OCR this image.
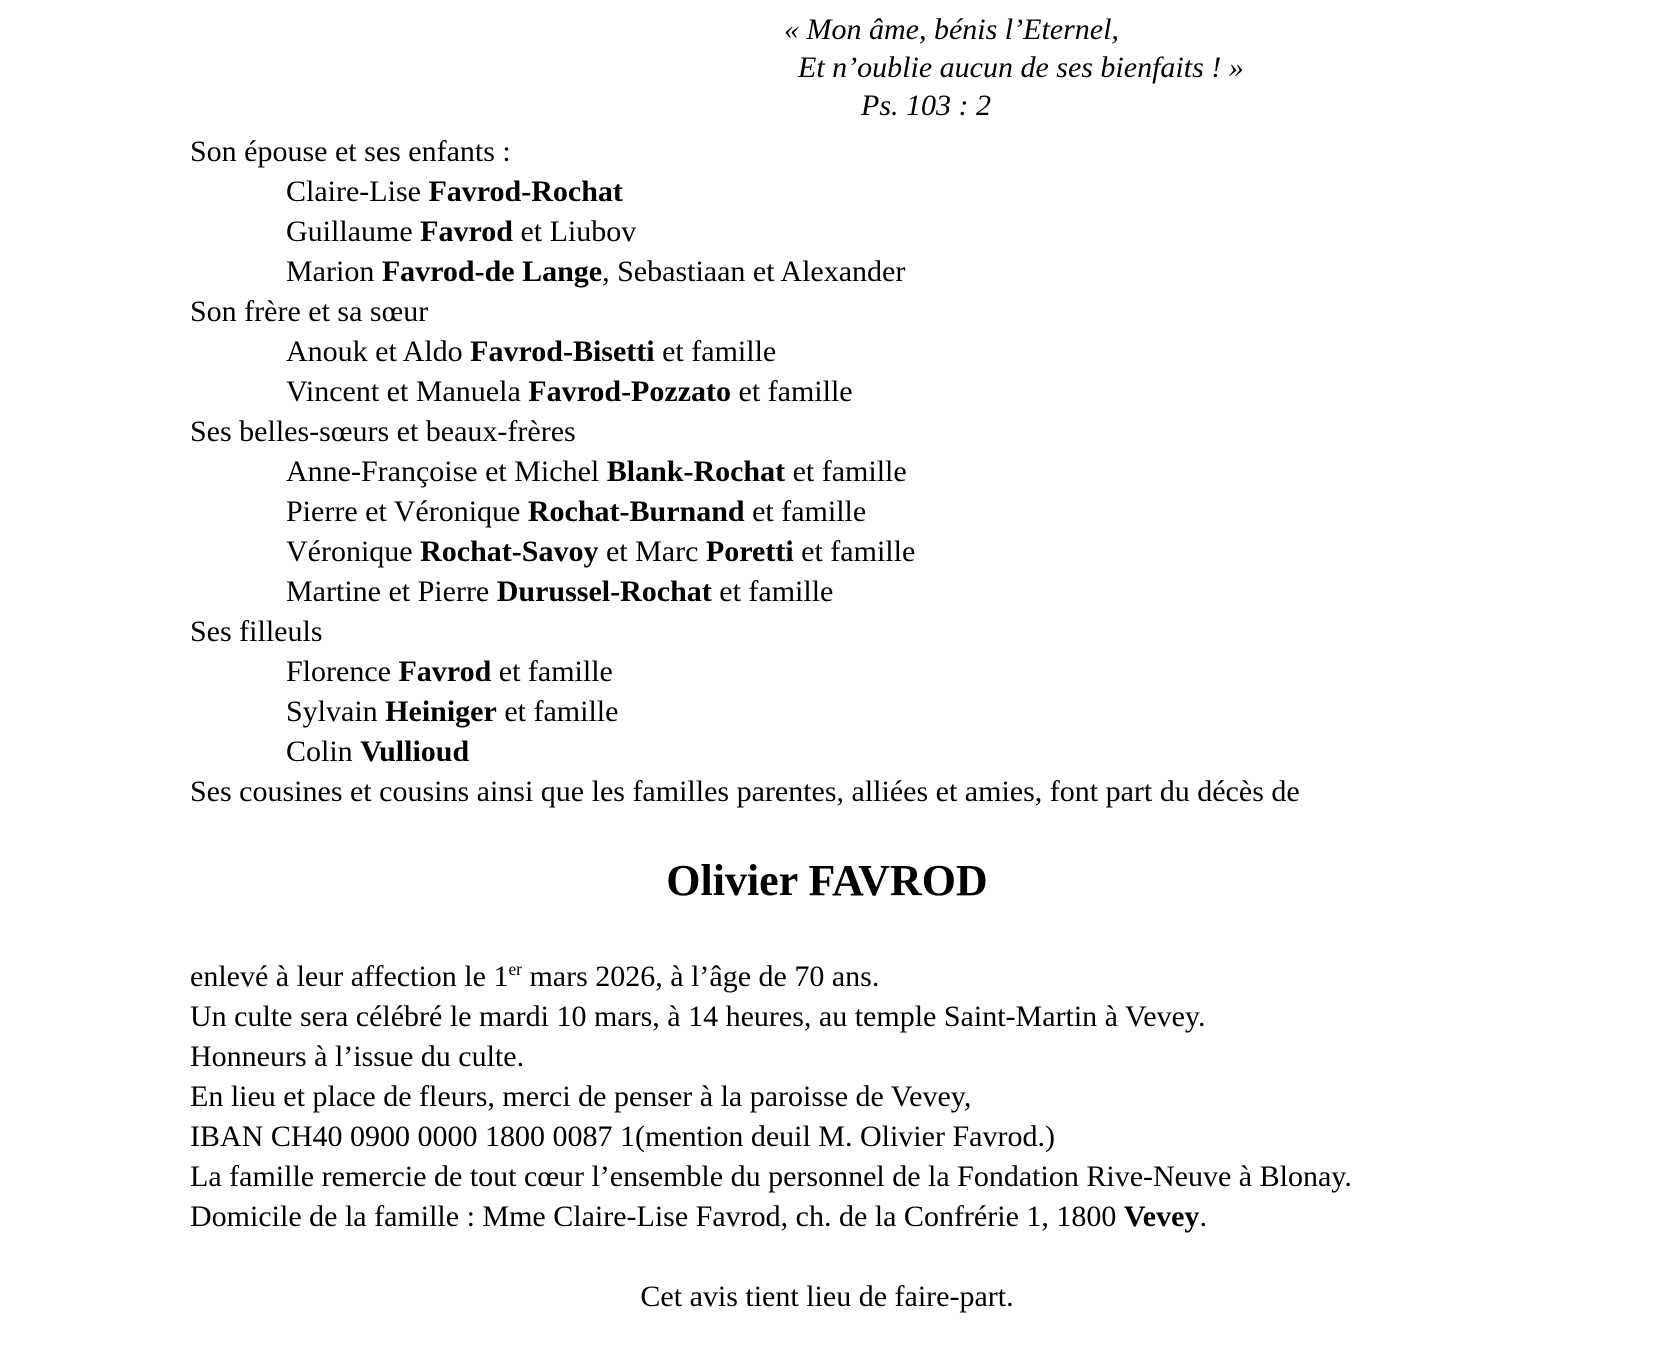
« Mon âme, bénis l’Eternel,
Et n’oublie aucun de ses bienfaits ! »
Ps. 103 : 2
Son épouse et ses enfants :
Claire-Lise Favrod-Rochat
Guillaume Favrod et Liubov
Marion Favrod-de Lange, Sebastiaan et Alexander
Son frère et sa sœur
Anouk et Aldo Favrod-Bisetti et famille
Vincent et Manuela Favrod-Pozzato et famille
Ses belles-sœurs et beaux-frères
Anne-Françoise et Michel Blank-Rochat et famille
Pierre et Véronique Rochat-Burnand et famille
Véronique Rochat-Savoy et Marc Poretti et famille
Martine et Pierre Durussel-Rochat et famille
Ses filleuls
Florence Favrod et famille
Sylvain Heiniger et famille
Colin Vullioud
Ses cousines et cousins ainsi que les familles parentes, alliées et amies, font part du décès de
Olivier FAVROD
enlevé à leur affection le 1er mars 2026, à l’âge de 70 ans.
Un culte sera célébré le mardi 10 mars, à 14 heures, au temple Saint-Martin à Vevey.
Honneurs à l’issue du culte.
En lieu et place de fleurs, merci de penser à la paroisse de Vevey,
IBAN CH40 0900 0000 1800 0087 1(mention deuil M. Olivier Favrod.)
La famille remercie de tout cœur l’ensemble du personnel de la Fondation Rive-Neuve à Blonay.
Domicile de la famille : Mme Claire-Lise Favrod, ch. de la Confrérie 1, 1800 Vevey.
Cet avis tient lieu de faire-part.
